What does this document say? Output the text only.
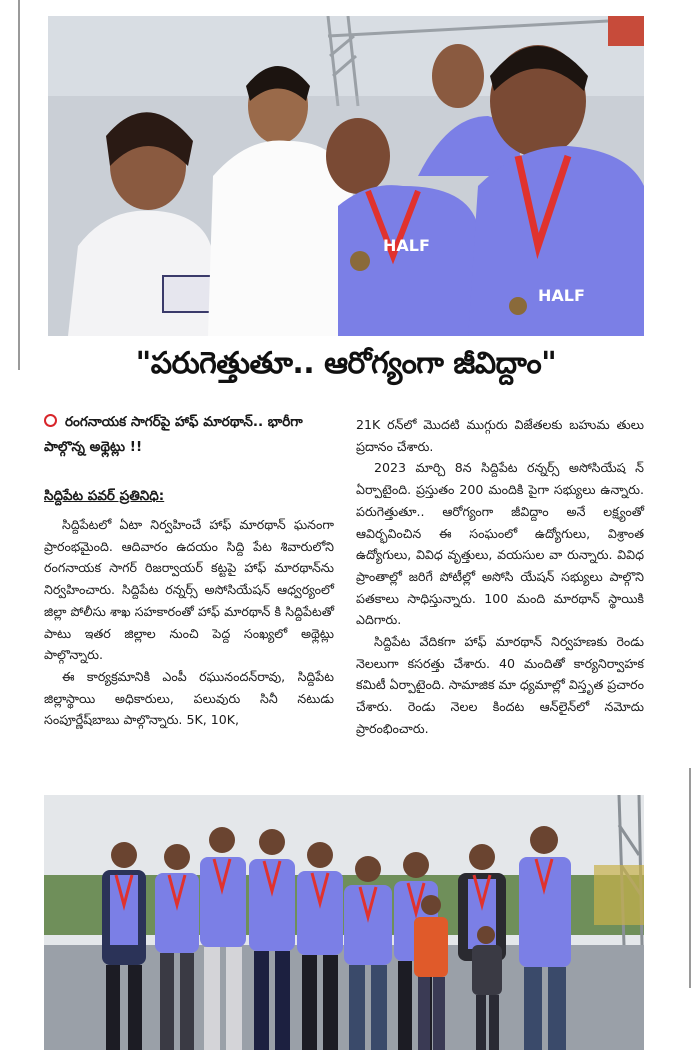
HALF
HALF
"పరుగెత్తుతూ.. ఆరోగ్యంగా జీవిద్దాం"
రంగనాయక సాగర్‌పై హాఫ్ మారథాన్.. భారీగా పాల్గొన్న అథ్లెట్లు !!
సిద్దిపేట పవర్ ప్రతినిధి:

సిద్దిపేటలో ఏటా నిర్వహించే హాఫ్ మారథాన్ ఘనంగా ప్రారంభమైంది. ఆదివారం ఉదయం సిద్ది పేట శివారులోని రంగనాయక సాగర్ రిజర్వాయర్ కట్టపై హాఫ్ మారథాన్‌ను నిర్వహించారు. సిద్దిపేట రన్నర్స్ అసోసియేషన్ ఆధ్వర్యంలో జిల్లా పోలీసు శాఖ సహకారంతో హాఫ్ మారథాన్ కి సిద్దిపేటతో పాటు ఇతర జిల్లాల నుంచి పెద్ద సంఖ్యలో అథ్లెట్లు పాల్గొన్నారు.

ఈ కార్యక్రమానికి ఎంపీ రఘునందన్‌రావు, సిద్దిపేట జిల్లాస్థాయి అధికారులు, పలువురు సినీ నటుడు సంపూర్ణేష్‌బాబు పాల్గొన్నారు. 5K, 10K,

21K రన్‌లో మొదటి ముగ్గురు విజేతలకు బహుమ తులు ప్రదానం చేశారు.

2023 మార్చి 8న సిద్దిపేట రన్నర్స్ అసోసియేష న్ ఏర్పాటైంది. ప్రస్తుతం 200 మందికి పైగా సభ్యులు ఉన్నారు. పరుగెత్తుతూ.. ఆరోగ్యంగా జీవిద్దాం అనే లక్ష్యంతో ఆవిర్భవించిన ఈ సంఘంలో ఉద్యోగులు, విశ్రాంత ఉద్యోగులు, వివిధ వృత్తులు, వయసుల వా రున్నారు. వివిధ ప్రాంతాల్లో జరిగే పోటీల్లో అసోసి యేషన్ సభ్యులు పాల్గొని పతకాలు సాధిస్తున్నారు. 100 మంది మారథాన్ స్థాయికి ఎదిగారు.

సిద్దిపేట వేదికగా హాఫ్ మారథాన్ నిర్వహణకు రెండు నెలలుగా కసరత్తు చేశారు. 40 మందితో కార్యనిర్వాహక కమిటీ ఏర్పాటైంది. సామాజిక మా ధ్యమాల్లో విస్తృత ప్రచారం చేశారు. రెండు నెలల కిందట ఆన్‌లైన్‌లో నమోదు ప్రారంభించారు.
